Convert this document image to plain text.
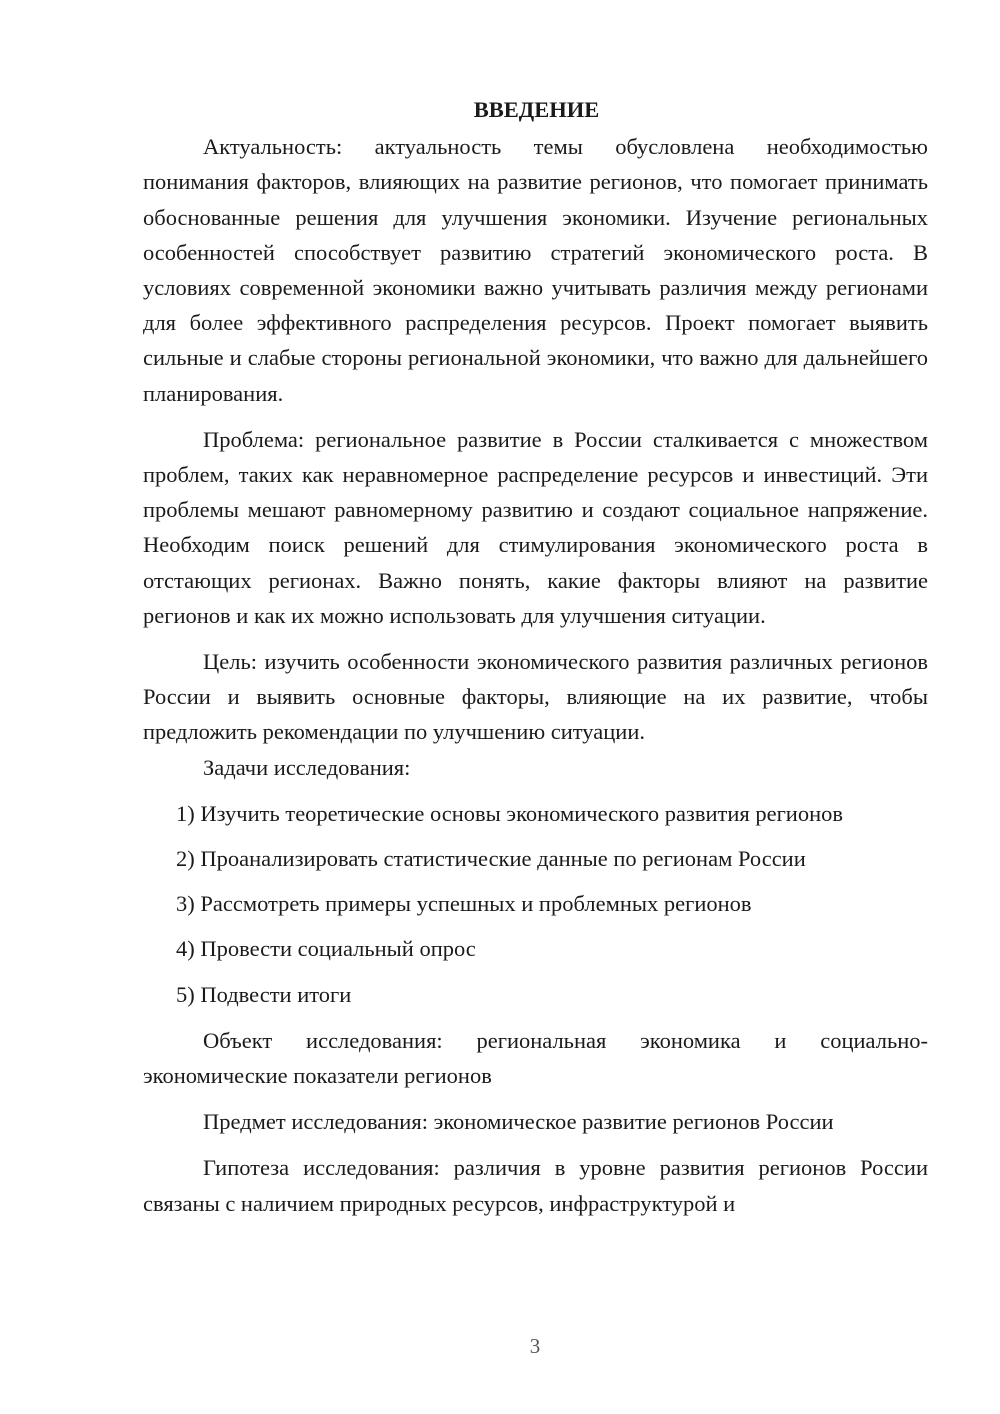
ВВЕДЕНИЕ

Актуальность: актуальность темы обусловлена необходимостью понимания факторов, влияющих на развитие регионов, что помогает принимать обоснованные решения для улучшения экономики. Изучение региональных особенностей способствует развитию стратегий экономического роста. В условиях современной экономики важно учитывать различия между регионами для более эффективного распределения ресурсов. Проект помогает выявить сильные и слабые стороны региональной экономики, что важно для дальнейшего планирования.

Проблема: региональное развитие в России сталкивается с множеством проблем, таких как неравномерное распределение ресурсов и инвестиций. Эти проблемы мешают равномерному развитию и создают социальное напряжение. Необходим поиск решений для стимулирования экономического роста в отстающих регионах. Важно понять, какие факторы влияют на развитие регионов и как их можно использовать для улучшения ситуации.

Цель: изучить особенности экономического развития различных регионов России и выявить основные факторы, влияющие на их развитие, чтобы предложить рекомендации по улучшению ситуации.

Задачи исследования:

1) Изучить теоретические основы экономического развития регионов

2) Проанализировать статистические данные по регионам России

3) Рассмотреть примеры успешных и проблемных регионов

4) Провести социальный опрос

5) Подвести итоги

Объект исследования: региональная экономика и социально-экономические показатели регионов

Предмет исследования: экономическое развитие регионов России

Гипотеза исследования: различия в уровне развития регионов России связаны с наличием природных ресурсов, инфраструктурой и

3
